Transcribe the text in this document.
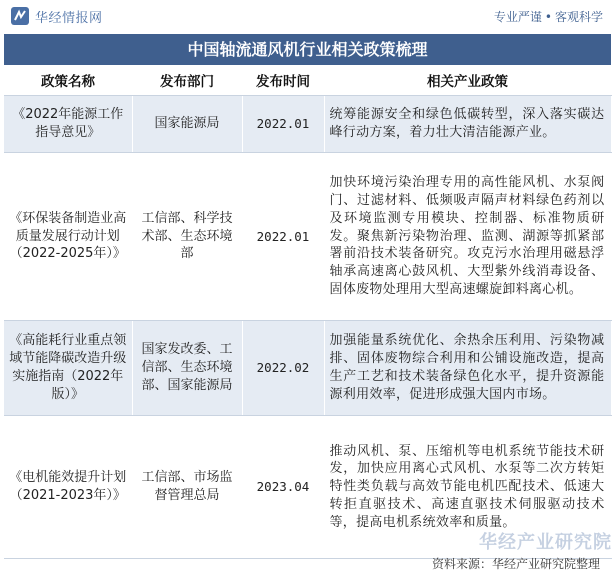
华经情报网	专业严谨 • 客观科学
中国轴流通风机行业相关政策梳理
政策名称	发布部门	发布时间	相关产业政策
《2022年能源工作指导意见》	国家能源局	2022.01	统筹能源安全和绿色低碳转型，深入落实碳达峰行动方案，着力壮大清洁能源产业。
《环保装备制造业高质量发展行动计划（2022-2025年）》	工信部、科学技术部、生态环境部	2022.01	加快环境污染治理专用的高性能风机、水泵阀门、过滤材料、低频吸声隔声材料绿色药剂以及环境监测专用模块、控制器、标准物质研发。聚焦新污染物治理、监测、湖源等抓紧部署前沿技术装备研究。攻克污水治理用磁悬浮轴承高速离心鼓风机、大型紫外线消毒设备、固体废物处理用大型高速螺旋卸料离心机。
《高能耗行业重点领域节能降碳改造升级实施指南（2022年版）》	国家发改委、工信部、生态环境部、国家能源局	2022.02	加强能量系统优化、余热余压利用、污染物减排、固体废物综合利用和公铺设施改造，提高生产工艺和技术装备绿色化水平，提升资源能源利用效率，促进形成强大国内市场。
《电机能效提升计划（2021-2023年）》	工信部、市场监督管理总局	2023.04	推动风机、泵、压缩机等电机系统节能技术研发，加快应用离心式风机、水泵等二次方转矩特性类负载与高效节能电机匹配技术、低速大转拒直驱技术、高速直驱技术伺服驱动技术等，提高电机系统效率和质量。
华经产业研究院
资料来源：华经产业研究院整理
